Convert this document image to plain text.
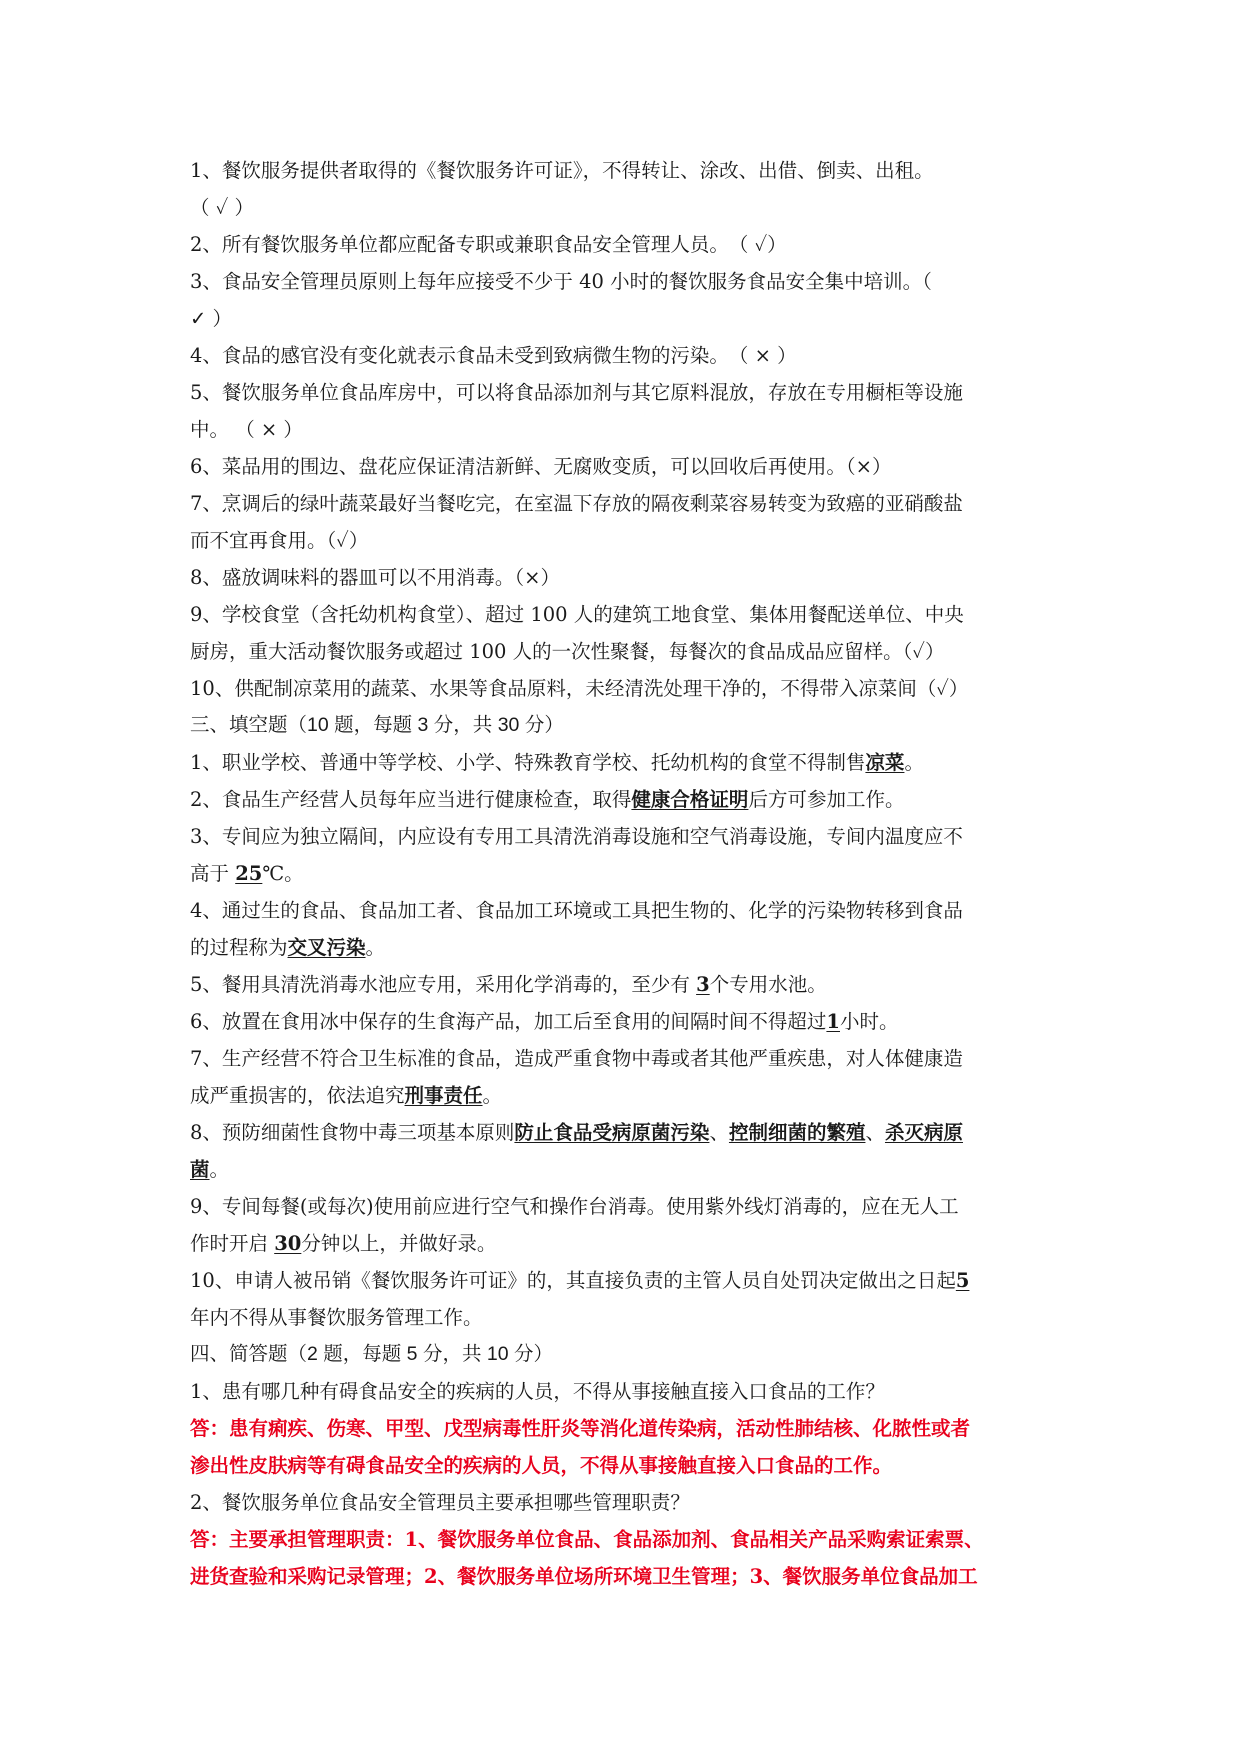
1、餐饮服务提供者取得的《餐饮服务许可证》，不得转让、涂改、出借、倒卖、出租。
（ ✓ ）
2、所有餐饮服务单位都应配备专职或兼职食品安全管理人员。　（ ✓）
3、食品安全管理员原则上每年应接受不少于 40 小时的餐饮服务食品安全集中培训。（
✓ ）
4、食品的感官没有变化就表示食品未受到致病微生物的污染。　（ × ）
5、餐饮服务单位食品库房中，可以将食品添加剂与其它原料混放，存放在专用橱柜等设施
中。 （ × ）
6、菜品用的围边、盘花应保证清洁新鲜、无腐败变质，可以回收后再使用。（×）
7、烹调后的绿叶蔬菜最好当餐吃完，在室温下存放的隔夜剩菜容易转变为致癌的亚硝酸盐
而不宜再食用。（✓）
8、盛放调味料的器皿可以不用消毒。（×）
9、学校食堂（含托幼机构食堂）、超过 100 人的建筑工地食堂、集体用餐配送单位、中央
厨房，重大活动餐饮服务或超过 100 人的一次性聚餐，每餐次的食品成品应留样。（✓）
10、供配制凉菜用的蔬菜、水果等食品原料，未经清洗处理干净的，不得带入凉菜间（✓）
三、填空题（10 题，每题 3 分，共 30 分）
1、职业学校、普通中等学校、小学、特殊教育学校、托幼机构的食堂不得制售凉菜。
2、食品生产经营人员每年应当进行健康检查，取得健康合格证明后方可参加工作。
3、专间应为独立隔间，内应设有专用工具清洗消毒设施和空气消毒设施，专间内温度应不
高于 25℃。
4、通过生的食品、食品加工者、食品加工环境或工具把生物的、化学的污染物转移到食品
的过程称为交叉污染。
5、餐用具清洗消毒水池应专用，采用化学消毒的，至少有 3个专用水池。
6、放置在食用冰中保存的生食海产品，加工后至食用的间隔时间不得超过1小时。
7、生产经营不符合卫生标准的食品，造成严重食物中毒或者其他严重疾患，对人体健康造
成严重损害的，依法追究刑事责任。
8、预防细菌性食物中毒三项基本原则防止食品受病原菌污染、控制细菌的繁殖、杀灭病原
菌。
9、专间每餐(或每次)使用前应进行空气和操作台消毒。使用紫外线灯消毒的，应在无人工
作时开启 30分钟以上，并做好录。
10、申请人被吊销《餐饮服务许可证》的，其直接负责的主管人员自处罚决定做出之日起5
年内不得从事餐饮服务管理工作。
四、简答题（2 题，每题 5 分，共 10 分）
1、患有哪几种有碍食品安全的疾病的人员，不得从事接触直接入口食品的工作？
答：患有痢疾、伤寒、甲型、戊型病毒性肝炎等消化道传染病，活动性肺结核、化脓性或者
渗出性皮肤病等有碍食品安全的疾病的人员，不得从事接触直接入口食品的工作。
2、餐饮服务单位食品安全管理员主要承担哪些管理职责？
答：主要承担管理职责：1、餐饮服务单位食品、食品添加剂、食品相关产品采购索证索票、
进货查验和采购记录管理；2、餐饮服务单位场所环境卫生管理；3、餐饮服务单位食品加工
